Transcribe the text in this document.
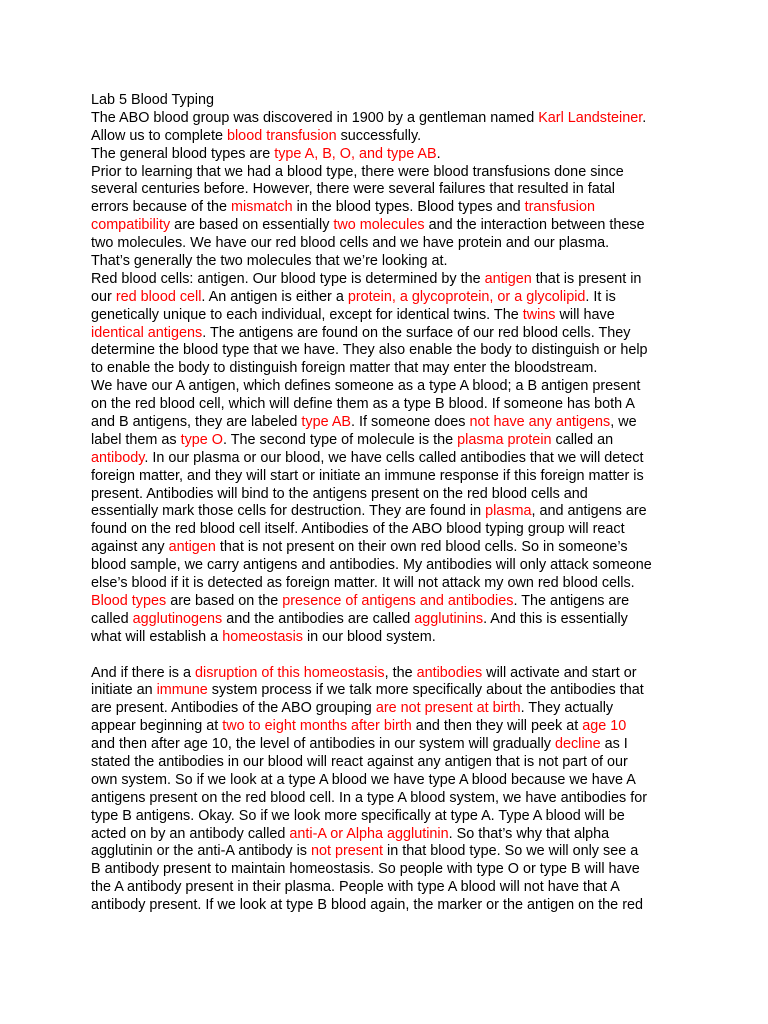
Lab 5 Blood Typing
The ABO blood group was discovered in 1900 by a gentleman named Karl Landsteiner.
Allow us to complete blood transfusion successfully.
The general blood types are type A, B, O, and type AB.
Prior to learning that we had a blood type, there were blood transfusions done since
several centuries before. However, there were several failures that resulted in fatal
errors because of the mismatch in the blood types. Blood types and transfusion
compatibility are based on essentially two molecules and the interaction between these
two molecules. We have our red blood cells and we have protein and our plasma.
That’s generally the two molecules that we’re looking at.
Red blood cells: antigen. Our blood type is determined by the antigen that is present in
our red blood cell. An antigen is either a protein, a glycoprotein, or a glycolipid. It is
genetically unique to each individual, except for identical twins. The twins will have
identical antigens. The antigens are found on the surface of our red blood cells. They
determine the blood type that we have. They also enable the body to distinguish or help
to enable the body to distinguish foreign matter that may enter the bloodstream.
We have our A antigen, which defines someone as a type A blood; a B antigen present
on the red blood cell, which will define them as a type B blood. If someone has both A
and B antigens, they are labeled type AB. If someone does not have any antigens, we
label them as type O. The second type of molecule is the plasma protein called an
antibody. In our plasma or our blood, we have cells called antibodies that we will detect
foreign matter, and they will start or initiate an immune response if this foreign matter is
present. Antibodies will bind to the antigens present on the red blood cells and
essentially mark those cells for destruction. They are found in plasma, and antigens are
found on the red blood cell itself. Antibodies of the ABO blood typing group will react
against any antigen that is not present on their own red blood cells. So in someone’s
blood sample, we carry antigens and antibodies. My antibodies will only attack someone
else’s blood if it is detected as foreign matter. It will not attack my own red blood cells.
Blood types are based on the presence of antigens and antibodies. The antigens are
called agglutinogens and the antibodies are called agglutinins. And this is essentially
what will establish a homeostasis in our blood system.
And if there is a disruption of this homeostasis, the antibodies will activate and start or
initiate an immune system process if we talk more specifically about the antibodies that
are present. Antibodies of the ABO grouping are not present at birth. They actually
appear beginning at two to eight months after birth and then they will peek at age 10
and then after age 10, the level of antibodies in our system will gradually decline as I
stated the antibodies in our blood will react against any antigen that is not part of our
own system. So if we look at a type A blood we have type A blood because we have A
antigens present on the red blood cell. In a type A blood system, we have antibodies for
type B antigens. Okay. So if we look more specifically at type A. Type A blood will be
acted on by an antibody called anti-A or Alpha agglutinin. So that’s why that alpha
agglutinin or the anti-A antibody is not present in that blood type. So we will only see a
B antibody present to maintain homeostasis. So people with type O or type B will have
the A antibody present in their plasma. People with type A blood will not have that A
antibody present. If we look at type B blood again, the marker or the antigen on the red
